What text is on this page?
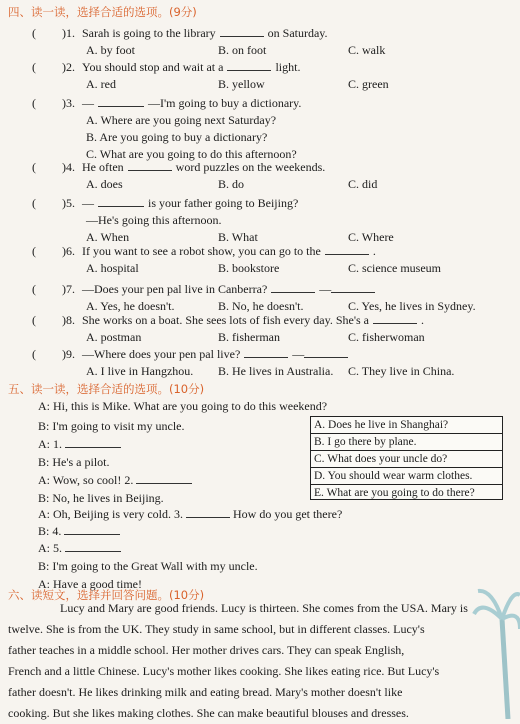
四、读一读，选择合适的选项。(9分)
( )1. Sarah is going to the library	on Saturday.
A. by foot	B. on foot	C. walk
( )2. You should stop and wait at a	light.
A. red	B. yellow	C. green
( )3. —	—I'm going to buy a dictionary.
A. Where are you going next Saturday?
B. Are you going to buy a dictionary?
C. What are you going to do this afternoon?
( )4. He often	word puzzles on the weekends.
A. does	B. do	C. did
( )5. —	is your father going to Beijing?
—He's going this afternoon.
A. When	B. What	C. Where
( )6. If you want to see a robot show, you can go to the	.
A. hospital	B. bookstore	C. science museum
( )7. —Does your pen pal live in Canberra?	—
A. Yes, he doesn't.	B. No, he doesn't.	C. Yes, he lives in Sydney.
( )8. She works on a boat. She sees lots of fish every day. She's a	.
A. postman	B. fisherman	C. fisherwoman
( )9. —Where does your pen pal live?	—
A. I live in Hangzhou. B. He lives in Australia. C. They live in China.
五、读一读，选择合适的选项。(10分)
A: Hi, this is Mike. What are you going to do this weekend?
B: I'm going to visit my uncle.
A: 1.
B: He's a pilot.
A: Wow, so cool! 2.
B: No, he lives in Beijing.
A: Oh, Beijing is very cold. 3.	How do you get there?
B: 4.
A: 5.
B: I'm going to the Great Wall with my uncle.
A: Have a good time!
A. Does he live in Shanghai?
B. I go there by plane.
C. What does your uncle do?
D. You should wear warm clothes.
E. What are you going to do there?
六、读短文，选择并回答问题。(10分)
Lucy and Mary are good friends. Lucy is thirteen. She comes from the USA. Mary is
twelve. She is from the UK. They study in same school, but in different classes. Lucy's
father teaches in a middle school. Her mother drives cars. They can speak English,
French and a little Chinese. Lucy's mother likes cooking. She likes eating rice. But Lucy's
father doesn't. He likes drinking milk and eating bread. Mary's mother doesn't like
cooking. But she likes making clothes. She can make beautiful blouses and dresses.
